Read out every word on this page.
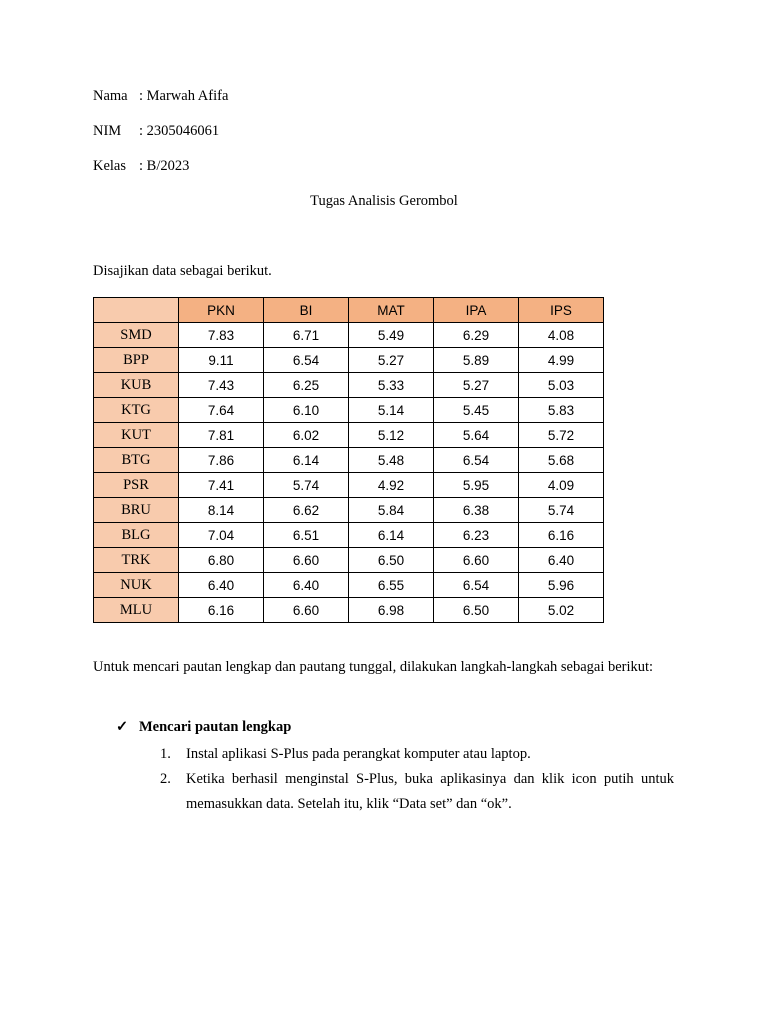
Nama : Marwah Afifa
NIM : 2305046061
Kelas : B/2023
Tugas Analisis Gerombol
Disajikan data sebagai berikut.
	PKN	BI	MAT	IPA	IPS
SMD	7.83	6.71	5.49	6.29	4.08
BPP	9.11	6.54	5.27	5.89	4.99
KUB	7.43	6.25	5.33	5.27	5.03
KTG	7.64	6.10	5.14	5.45	5.83
KUT	7.81	6.02	5.12	5.64	5.72
BTG	7.86	6.14	5.48	6.54	5.68
PSR	7.41	5.74	4.92	5.95	4.09
BRU	8.14	6.62	5.84	6.38	5.74
BLG	7.04	6.51	6.14	6.23	6.16
TRK	6.80	6.60	6.50	6.60	6.40
NUK	6.40	6.40	6.55	6.54	5.96
MLU	6.16	6.60	6.98	6.50	5.02
Untuk mencari pautan lengkap dan pautang tunggal, dilakukan langkah-langkah sebagai berikut:
✓ Mencari pautan lengkap
1. Instal aplikasi S-Plus pada perangkat komputer atau laptop.
2. Ketika berhasil menginstal S-Plus, buka aplikasinya dan klik icon putih untuk memasukkan data. Setelah itu, klik “Data set” dan “ok”.
